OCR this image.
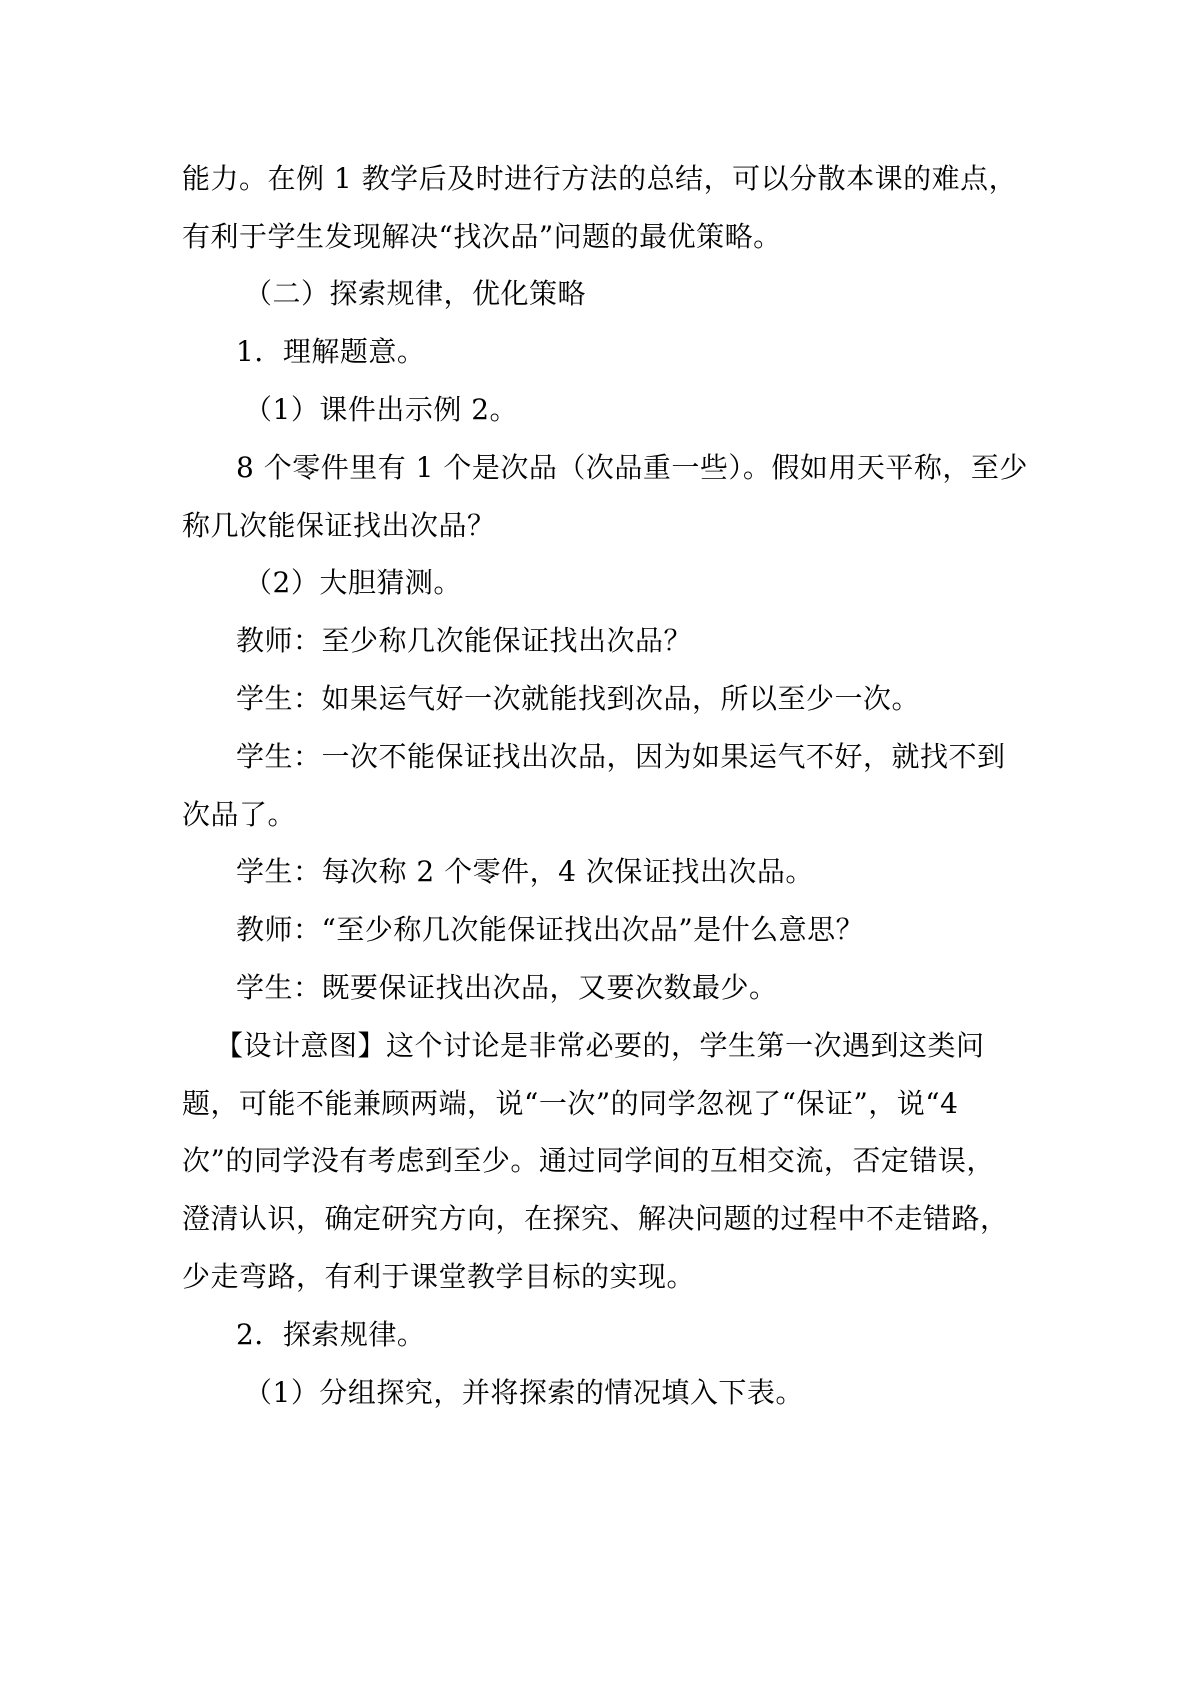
能力。在例 1 教学后及时进行方法的总结，可以分散本课的难点，
有利于学生发现解决“找次品”问题的最优策略。
（二）探索规律，优化策略
1．理解题意。
（1）课件出示例 2。
8 个零件里有 1 个是次品（次品重一些）。假如用天平称，至少
称几次能保证找出次品？
（2）大胆猜测。
教师：至少称几次能保证找出次品？
学生：如果运气好一次就能找到次品，所以至少一次。
学生：一次不能保证找出次品，因为如果运气不好，就找不到
次品了。
学生：每次称 2 个零件，4 次保证找出次品。
教师：“至少称几次能保证找出次品”是什么意思？
学生：既要保证找出次品，又要次数最少。
【设计意图】这个讨论是非常必要的，学生第一次遇到这类问
题，可能不能兼顾两端，说“一次”的同学忽视了“保证”，说“4
次”的同学没有考虑到至少。通过同学间的互相交流，否定错误，
澄清认识，确定研究方向，在探究、解决问题的过程中不走错路，
少走弯路，有利于课堂教学目标的实现。
2．探索规律。
（1）分组探究，并将探索的情况填入下表。
